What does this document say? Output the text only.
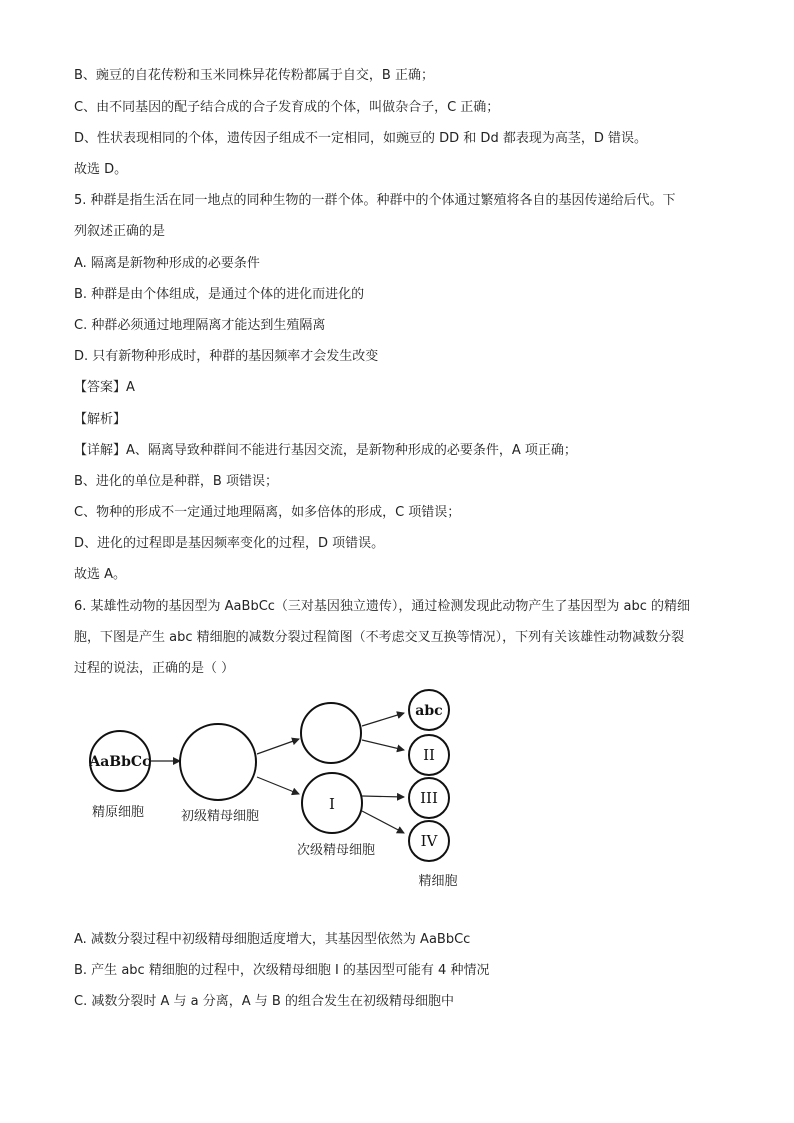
B、豌豆的自花传粉和玉米同株异花传粉都属于自交，B 正确；
C、由不同基因的配子结合成的合子发育成的个体，叫做杂合子，C 正确；
D、性状表现相同的个体，遗传因子组成不一定相同，如豌豆的 DD 和 Dd 都表现为高茎，D 错误。
故选 D。
5. 种群是指生活在同一地点的同种生物的一群个体。种群中的个体通过繁殖将各自的基因传递给后代。下
列叙述正确的是
A. 隔离是新物种形成的必要条件
B. 种群是由个体组成，是通过个体的进化而进化的
C. 种群必须通过地理隔离才能达到生殖隔离
D. 只有新物种形成时，种群的基因频率才会发生改变
【答案】A
【解析】
【详解】A、隔离导致种群间不能进行基因交流，是新物种形成的必要条件，A 项正确；
B、进化的单位是种群，B 项错误；
C、物种的形成不一定通过地理隔离，如多倍体的形成，C 项错误；
D、进化的过程即是基因频率变化的过程，D 项错误。
故选 A。
6. 某雄性动物的基因型为 AaBbCc（三对基因独立遗传），通过检测发现此动物产生了基因型为 abc 的精细
胞，下图是产生 abc 精细胞的减数分裂过程简图（不考虑交叉互换等情况），下列有关该雄性动物减数分裂
过程的说法，正确的是（ ）
AaBbCc
精原细胞	初级精母细胞
I
次级精母细胞
abc
II
III
IV
精细胞
A. 减数分裂过程中初级精母细胞适度增大，其基因型依然为 AaBbCc
B. 产生 abc 精细胞的过程中，次级精母细胞 I 的基因型可能有 4 种情况
C. 减数分裂时 A 与 a 分离，A 与 B 的组合发生在初级精母细胞中
